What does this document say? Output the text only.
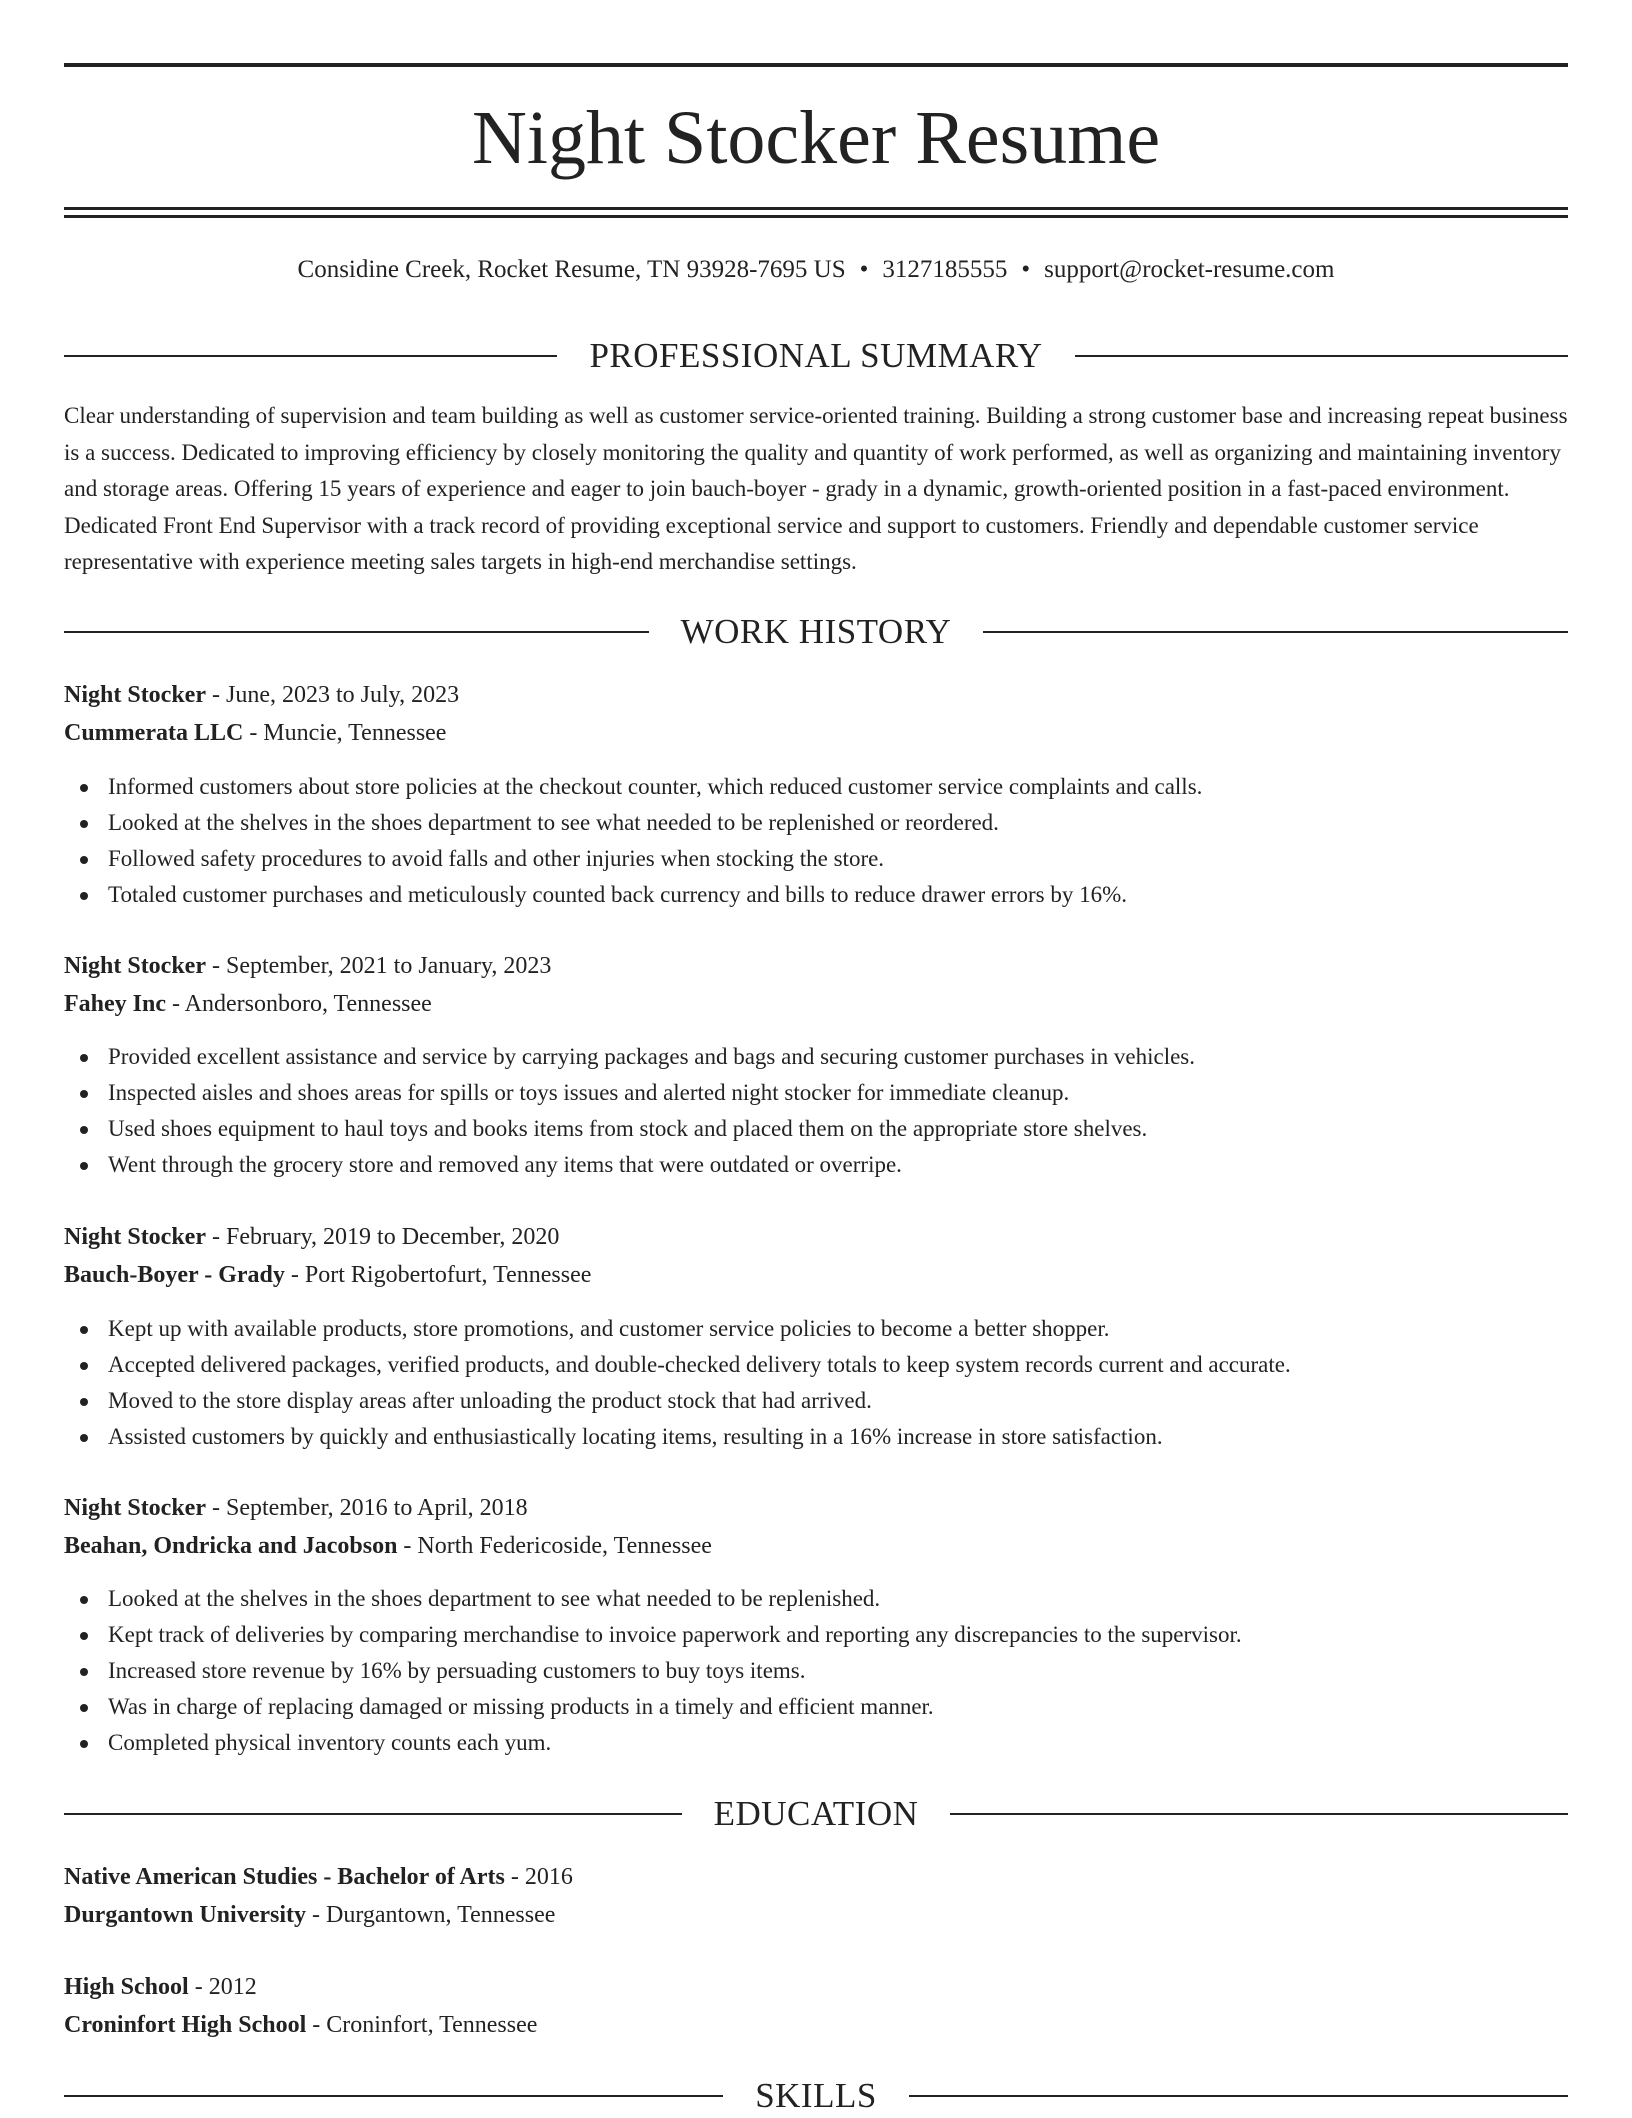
Night Stocker Resume
Considine Creek, Rocket Resume, TN 93928-7695 US • 3127185555 • support@rocket-resume.com
PROFESSIONAL SUMMARY

Clear understanding of supervision and team building as well as customer service-oriented training. Building a strong customer base and increasing repeat business is a success. Dedicated to improving efficiency by closely monitoring the quality and quantity of work performed, as well as organizing and maintaining inventory and storage areas. Offering 15 years of experience and eager to join bauch-boyer - grady in a dynamic, growth-oriented position in a fast-paced environment. Dedicated Front End Supervisor with a track record of providing exceptional service and support to customers. Friendly and dependable customer service representative with experience meeting sales targets in high-end merchandise settings.

WORK HISTORY
Night Stocker - June, 2023 to July, 2023
Cummerata LLC - Muncie, Tennessee
Informed customers about store policies at the checkout counter, which reduced customer service complaints and calls.
Looked at the shelves in the shoes department to see what needed to be replenished or reordered.
Followed safety procedures to avoid falls and other injuries when stocking the store.
Totaled customer purchases and meticulously counted back currency and bills to reduce drawer errors by 16%.
Night Stocker - September, 2021 to January, 2023
Fahey Inc - Andersonboro, Tennessee
Provided excellent assistance and service by carrying packages and bags and securing customer purchases in vehicles.
Inspected aisles and shoes areas for spills or toys issues and alerted night stocker for immediate cleanup.
Used shoes equipment to haul toys and books items from stock and placed them on the appropriate store shelves.
Went through the grocery store and removed any items that were outdated or overripe.
Night Stocker - February, 2019 to December, 2020
Bauch-Boyer - Grady - Port Rigobertofurt, Tennessee
Kept up with available products, store promotions, and customer service policies to become a better shopper.
Accepted delivered packages, verified products, and double-checked delivery totals to keep system records current and accurate.
Moved to the store display areas after unloading the product stock that had arrived.
Assisted customers by quickly and enthusiastically locating items, resulting in a 16% increase in store satisfaction.
Night Stocker - September, 2016 to April, 2018
Beahan, Ondricka and Jacobson - North Federicoside, Tennessee
Looked at the shelves in the shoes department to see what needed to be replenished.
Kept track of deliveries by comparing merchandise to invoice paperwork and reporting any discrepancies to the supervisor.
Increased store revenue by 16% by persuading customers to buy toys items.
Was in charge of replacing damaged or missing products in a timely and efficient manner.
Completed physical inventory counts each yum.
EDUCATION
Native American Studies - Bachelor of Arts - 2016
Durgantown University - Durgantown, Tennessee
High School - 2012
Croninfort High School - Croninfort, Tennessee
SKILLS
